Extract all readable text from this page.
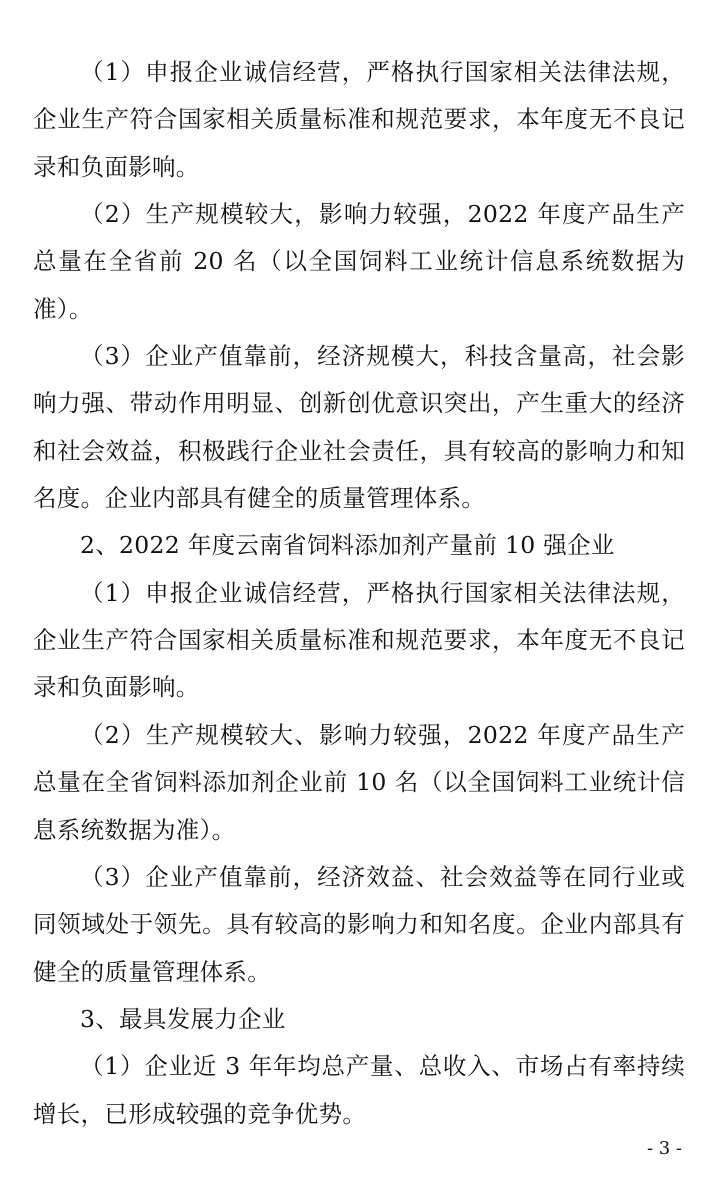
（1）申报企业诚信经营，严格执行国家相关法律法规，企业生产符合国家相关质量标准和规范要求，本年度无不良记录和负面影响。

（2）生产规模较大，影响力较强，2022 年度产品生产总量在全省前 20 名（以全国饲料工业统计信息系统数据为准）。

（3）企业产值靠前，经济规模大，科技含量高，社会影响力强、带动作用明显、创新创优意识突出，产生重大的经济和社会效益，积极践行企业社会责任，具有较高的影响力和知名度。企业内部具有健全的质量管理体系。

2、2022 年度云南省饲料添加剂产量前 10 强企业

（1）申报企业诚信经营，严格执行国家相关法律法规，企业生产符合国家相关质量标准和规范要求，本年度无不良记录和负面影响。

（2）生产规模较大、影响力较强，2022 年度产品生产总量在全省饲料添加剂企业前 10 名（以全国饲料工业统计信息系统数据为准）。

（3）企业产值靠前，经济效益、社会效益等在同行业或同领域处于领先。具有较高的影响力和知名度。企业内部具有健全的质量管理体系。

3、最具发展力企业

（1）企业近 3 年年均总产量、总收入、市场占有率持续增长，已形成较强的竞争优势。

- 3 -
